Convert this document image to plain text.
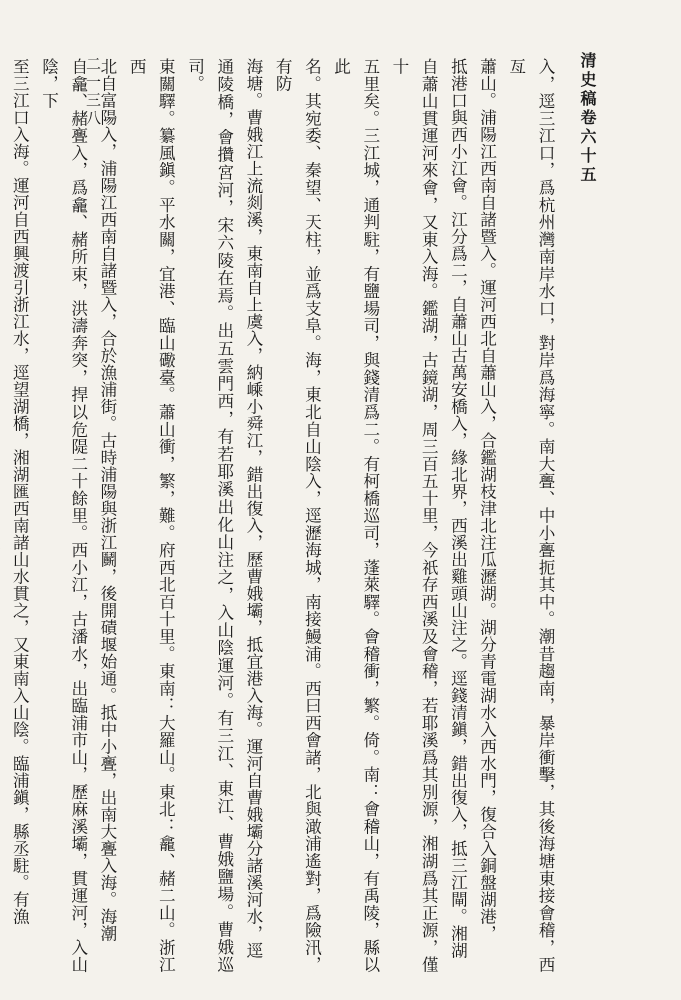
清史稿卷六十五
二一三八	入，逕三江口，爲杭州灣南岸水口，對岸爲海寧。南大亹、中小亹扼其中。潮昔趨南，暴岸衝擊，其後海塘東接會稽，西亙
蕭山。浦陽江西南自諸暨入。運河西北自蕭山入，合鑑湖枝津北注瓜瀝湖。湖分青電湖水入西水門，復合入銅盤湖港，
抵港口與西小江會。江分爲二，自蕭山古萬安橋入，緣北界，西溪出雞頭山注之。逕錢清鎭，錯出復入，抵三江閘。湘湖
自蕭山貫運河來會，又東入海。鑑湖，古鏡湖，周三百五十里，今祇存西溪及會稽，若耶溪爲其別源，湘湖爲其正源，僅十
五里矣。三江城，通判駐，有鹽場司，與錢清爲二。有柯橋巡司，蓬萊驛。會稽衝，繁。倚。南：會稽山，有禹陵，縣以此
名。其宛委、秦望、天柱，並爲支阜。海，東北自山陰入，逕瀝海城，南接鰻浦。西曰西會諸，北與澉浦遙對，爲險汛，有防
海塘。曹娥江上流剡溪，東南自上虞入，納嵊小舜江，錯出復入，歷曹娥壩，抵宜港入海。運河自曹娥壩分諸溪河水，逕
通陵橋，會攢宮河，宋六陵在焉。出五雲門西，有若耶溪出化山注之，入山陰運河。有三江、東江、曹娥鹽場。曹娥巡司。
東關驛。纂風鎭。平水關，宜港、臨山礮臺。蕭山衝，繁，難。府西北百十里。東南：大羅山。東北：龕、赭二山。浙江西
北自富陽入，浦陽江西南自諸暨入，合於漁浦街。古時浦陽與浙江鬭，後開磧堰始通。抵中小亹，出南大亹入海。海潮
自龕、赭亹入，爲龕、赭所束，洪濤奔突，捍以危隄二十餘里。西小江，古潘水，出臨浦市山，歷麻溪壩，貫運河，入山陰，下
至三江口入海。運河自西興渡引浙江水，逕望湖橋，湘湖匯西南諸山水貫之，又東南入山陰。臨浦鎭，縣丞駐。有漁
